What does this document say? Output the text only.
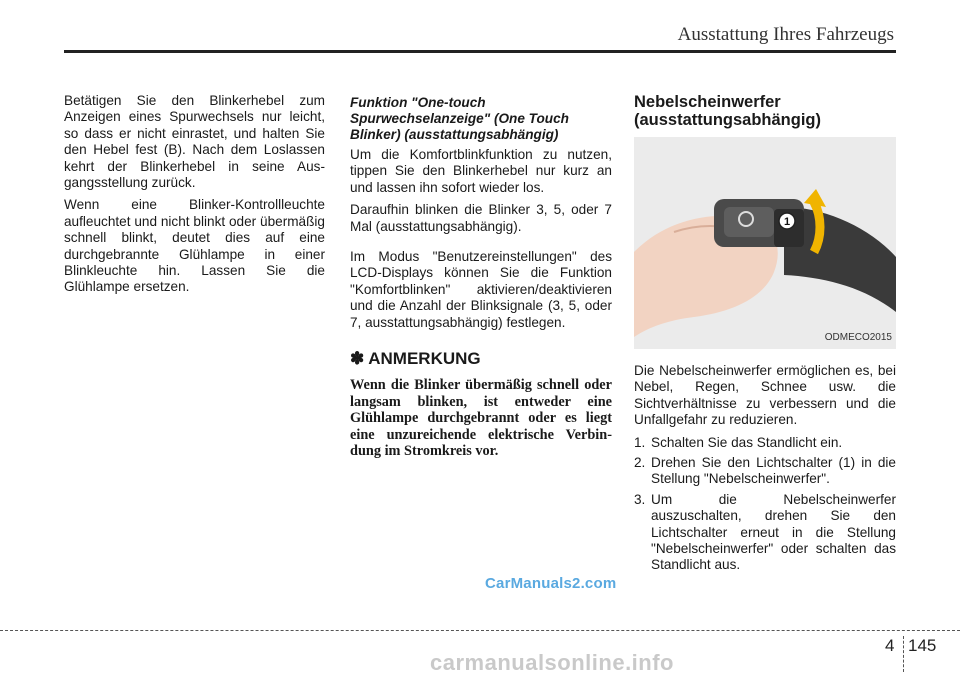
Ausstattung Ihres Fahrzeugs

Betätigen Sie den Blinkerhebel zum Anzeigen eines Spurwechsels nur leicht, so dass er nicht einrastet, und halten Sie den Hebel fest (B). Nach dem Loslassen kehrt der Blinkerhebel in seine Aus-gangsstellung zurück.

Wenn eine Blinker-Kontrollleuchte aufleuchtet und nicht blinkt oder übermäßig schnell blinkt, deutet dies auf eine durchgebrannte Glühlampe in einer Blinkleuchte hin. Lassen Sie die Glühlampe ersetzen.

Funktion "One-touch Spurwechselanzeige" (One Touch Blinker) (ausstattungsabhängig)

Um die Komfortblinkfunktion zu nutzen, tippen Sie den Blinkerhebel nur kurz an und lassen ihn sofort wieder los.

Daraufhin blinken die Blinker 3, 5, oder 7 Mal (ausstattungsabhängig).

Im Modus "Benutzereinstellungen" des LCD-Displays können Sie die Funktion "Komfortblinken" aktivieren/deaktivieren und die Anzahl der Blinksignale (3, 5, oder 7, ausstattungsabhängig) festlegen.

✽ ANMERKUNG
Wenn die Blinker übermäßig schnell oder langsam blinken, ist entweder eine Glühlampe durchgebrannt oder es liegt eine unzureichende elektrische Verbin-dung im Stromkreis vor.
Nebelscheinwerfer (ausstattungsabhängig)
1
ODMECO2015

Die Nebelscheinwerfer ermöglichen es, bei Nebel, Regen, Schnee usw. die Sichtverhältnisse zu verbessern und die Unfallgefahr zu reduzieren.

1. Schalten Sie das Standlicht ein.
2. Drehen Sie den Lichtschalter (1) in die Stellung "Nebelscheinwerfer".
3. Um die Nebelscheinwerfer auszuschalten, drehen Sie den Lichtschalter erneut in die Stellung "Nebelscheinwerfer" oder schalten das Standlicht aus.
CarManuals2.com
4 145
carmanualsonline.info
